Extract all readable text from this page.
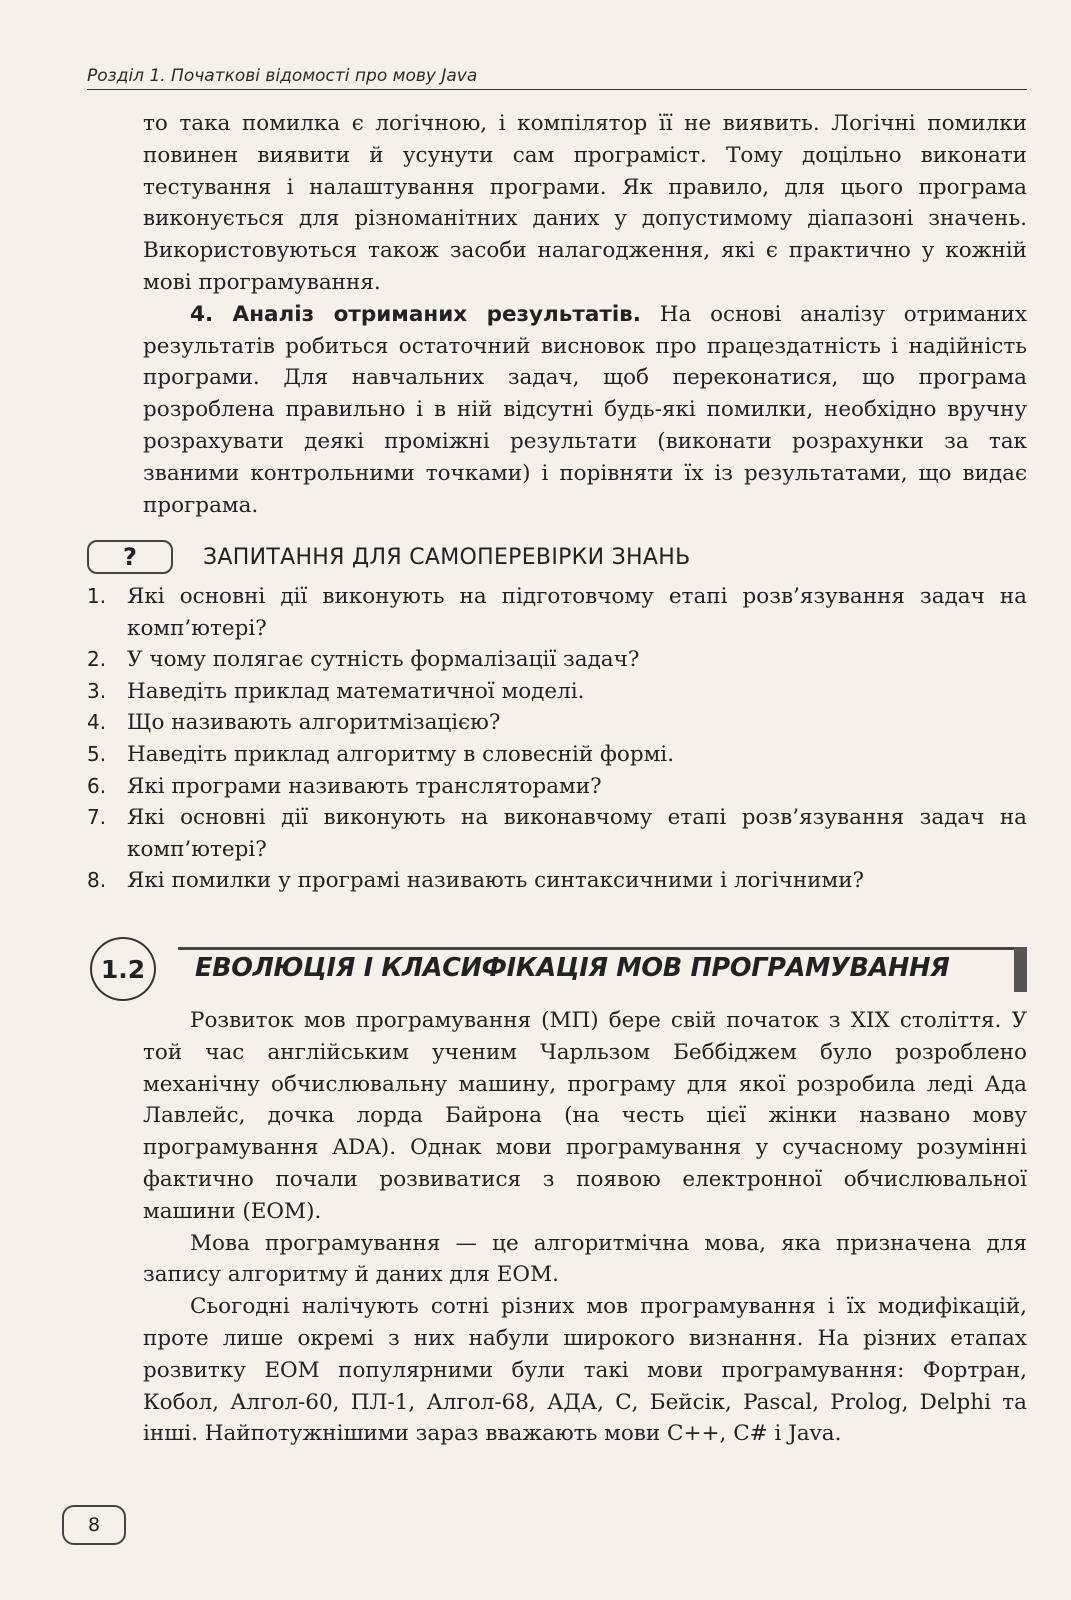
Розділ 1. Початкові відомості про мову Java

то така помилка є логічною, і компілятор її не виявить. Логічні помилки повинен виявити й усунути сам програміст. Тому доцільно виконати тестування і налаштування програми. Як правило, для цього програма виконується для різноманітних даних у допустимому діапазоні значень. Використовуються також засоби налагодження, які є практично у кожній мові програмування.

4. Аналіз отриманих результатів. На основі аналізу отриманих результатів робиться остаточний висновок про працездатність і надійність програми. Для навчальних задач, щоб переконатися, що програма розроблена правильно і в ній відсутні будь-які помилки, необхідно вручну розрахувати деякі проміжні результати (виконати розрахунки за так званими контрольними точками) і порівняти їх із результатами, що видає програма.

?	ЗАПИТАННЯ ДЛЯ САМОПЕРЕВІРКИ ЗНАНЬ
1. Які основні дії виконують на підготовчому етапі розв’язування задач на комп’ютері?
2. У чому полягає сутність формалізації задач?
3. Наведіть приклад математичної моделі.
4. Що називають алгоритмізацією?
5. Наведіть приклад алгоритму в словесній формі.
6. Які програми називають трансляторами?
7. Які основні дії виконують на виконавчому етапі розв’язування задач на комп’ютері?
8. Які помилки у програмі називають синтаксичними і логічними?
1.2	ЕВОЛЮЦІЯ І КЛАСИФІКАЦІЯ МОВ ПРОГРАМУВАННЯ

Розвиток мов програмування (МП) бере свій початок з XIX століття. У той час англійським ученим Чарльзом Беббіджем було розроблено механічну обчислювальну машину, програму для якої розробила леді Ада Лавлейс, дочка лорда Байрона (на честь цієї жінки названо мову програмування ADA). Однак мови програмування у сучасному розумінні фактично почали розвиватися з появою електронної обчислювальної машини (ЕОМ).

Мова програмування — це алгоритмічна мова, яка призначена для запису алгоритму й даних для ЕОМ.

Сьогодні налічують сотні різних мов програмування і їх модифікацій, проте лише окремі з них набули широкого визнання. На різних етапах розвитку ЕОМ популярними були такі мови програмування: Фортран, Кобол, Алгол-60, ПЛ-1, Алгол-68, АДА, С, Бейсік, Pascal, Prolog, Delphi та інші. Найпотужнішими зараз вважають мови С++, С# і Java.

8
